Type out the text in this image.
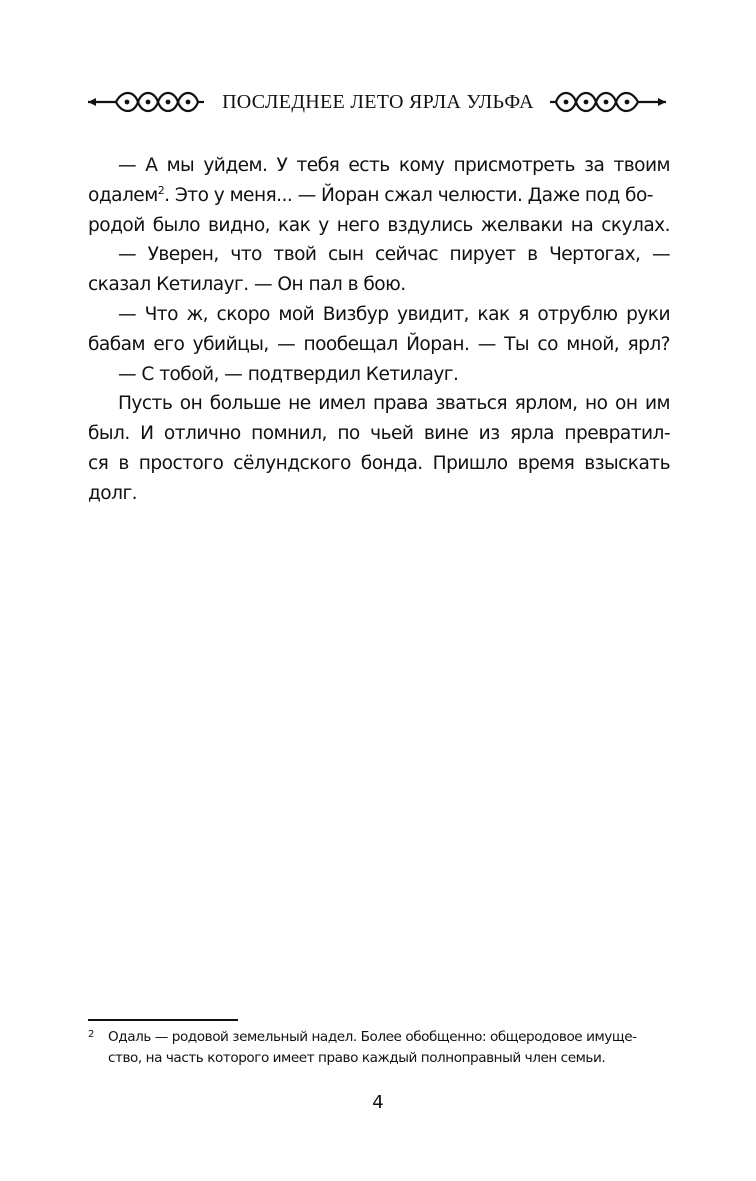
ПОСЛЕДНЕЕ ЛЕТО ЯРЛА УЛЬФА
— А мы уйдем. У тебя есть кому присмотреть за твоим
одалем$^2$. Это у меня... — Йоран сжал челюсти. Даже под бо-
родой было видно, как у него вздулись желваки на скулах.
— Уверен, что твой сын сейчас пирует в Чертогах, —
сказал Кетилауг. — Он пал в бою.
— Что ж, скоро мой Визбур увидит, как я отрублю руки
бабам его убийцы, — пообещал Йоран. — Ты со мной, ярл?
— С тобой, — подтвердил Кетилауг.
Пусть он больше не имел права зваться ярлом, но он им
был. И отлично помнил, по чьей вине из ярла превратил-
ся в простого сёлундского бонда. Пришло время взыскать
долг.
2	Одаль — родовой земельный надел. Более обобщенно: общеродовое имуще-
ство, на часть которого имеет право каждый полноправный член семьи.
4
